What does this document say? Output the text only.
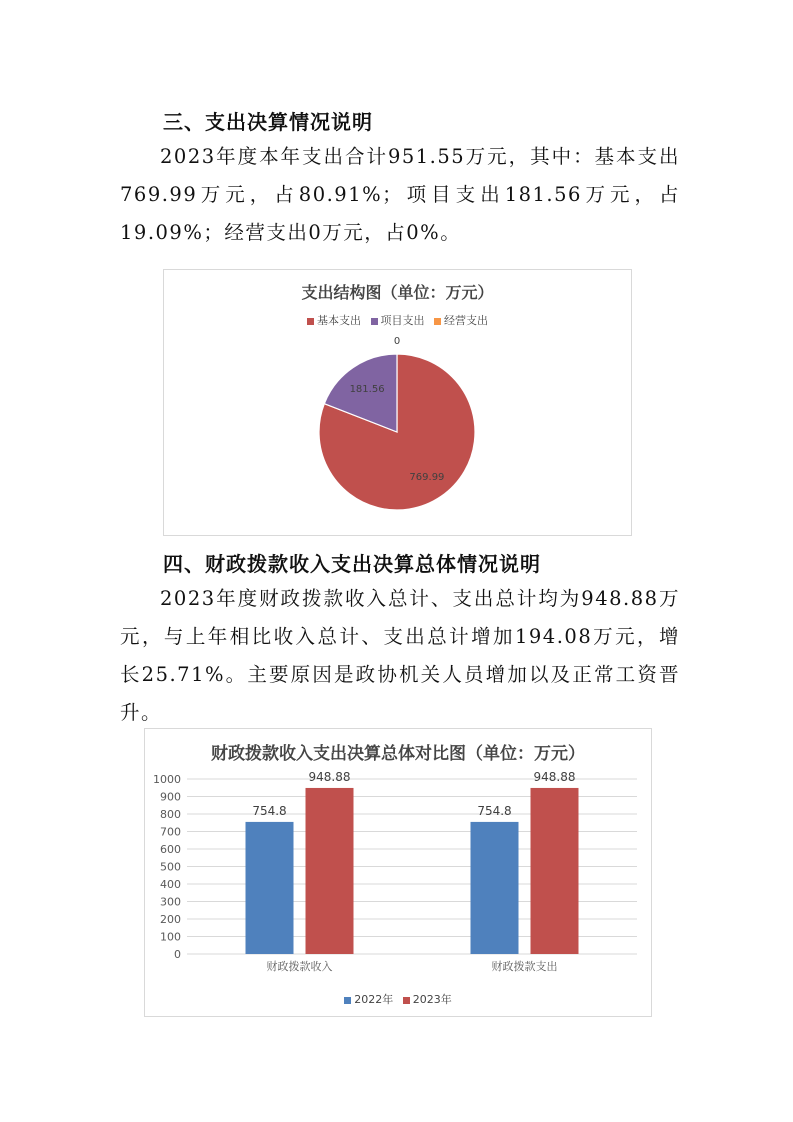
三、支出决算情况说明
2023年度本年支出合计951.55万元，其中：基本支出769.99万元，占80.91%；项目支出181.56万元，占19.09%；经营支出0万元，占0%。
支出结构图（单位：万元）
基本支出 项目支出 经营支出
769.99
181.56
0
四、财政拨款收入支出决算总体情况说明
2023年度财政拨款收入总计、支出总计均为948.88万元，与上年相比收入总计、支出总计增加194.08万元，增长25.71%。主要原因是政协机关人员增加以及正常工资晋升。
财政拨款收入支出决算总体对比图（单位：万元）
0
100
200
300
400
500
600
700
800
900
1000
754.8
948.88
财政拨款收入
754.8
948.88
财政拨款支出
2022年 2023年
